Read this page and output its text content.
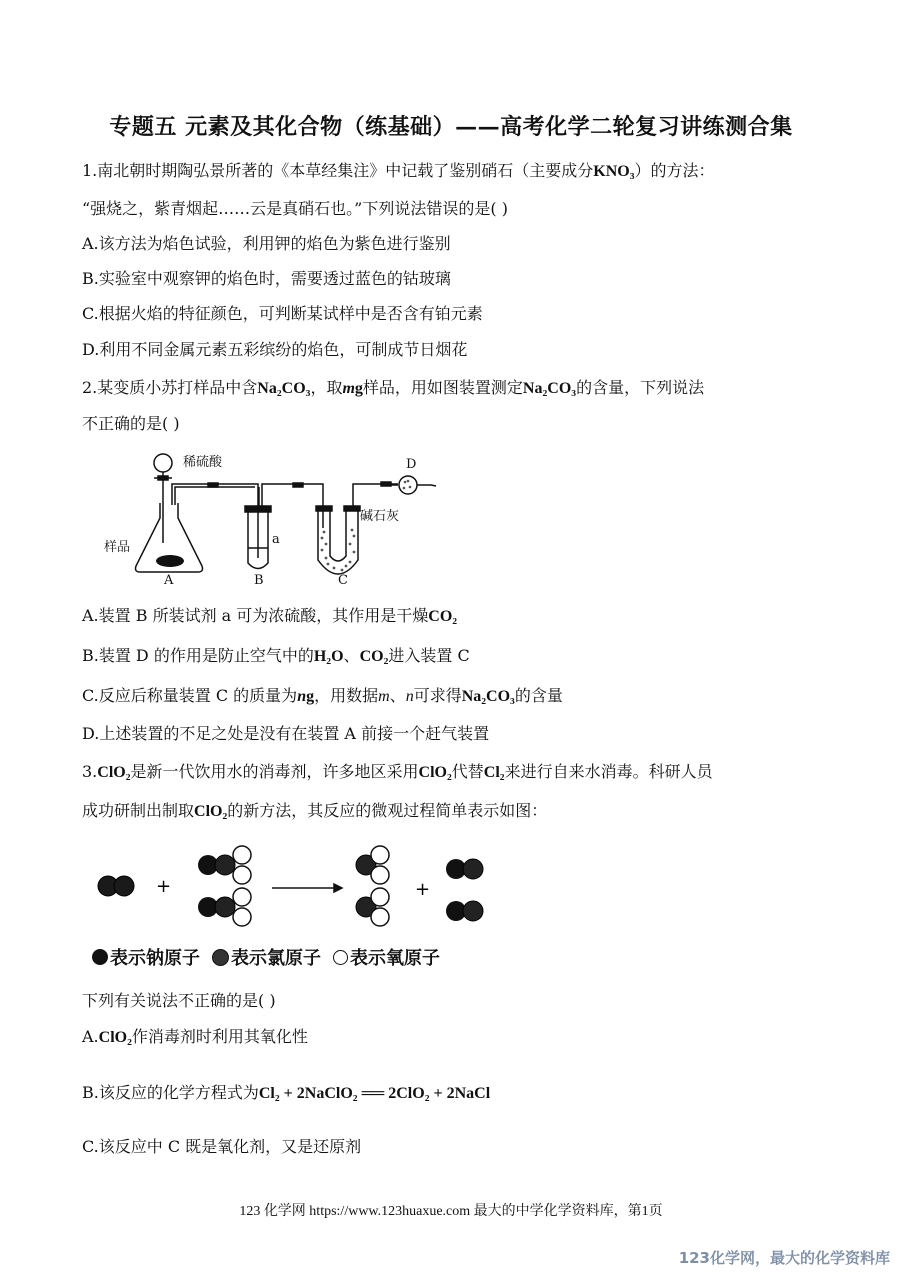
专题五 元素及其化合物（练基础）——高考化学二轮复习讲练测合集
1.南北朝时期陶弘景所著的《本草经集注》中记载了鉴别硝石（主要成分KNO₃）的方法：
“强烧之，紫青烟起……云是真硝石也。”下列说法错误的是( )
A.该方法为焰色试验，利用钾的焰色为紫色进行鉴别
B.实验室中观察钾的焰色时，需要透过蓝色的钴玻璃
C.根据火焰的特征颜色，可判断某试样中是否含有铂元素
D.利用不同金属元素五彩缤纷的焰色，可制成节日烟花
2.某变质小苏打样品中含Na₂CO₃，取mg样品，用如图装置测定Na₂CO₃的含量，下列说法
不正确的是( )
稀硫酸
样品
a
碱石灰
A	B	C
D
A.装置 B 所装试剂 a 可为浓硫酸，其作用是干燥CO₂
B.装置 D 的作用是防止空气中的H₂O、CO₂进入装置 C
C.反应后称量装置 C 的质量为ng，用数据m、n可求得Na₂CO₃的含量
D.上述装置的不足之处是没有在装置 A 前接一个赶气装置
3.ClO₂是新一代饮用水的消毒剂，许多地区采用ClO₂代替Cl₂来进行自来水消毒。科研人员
成功研制出制取ClO₂的新方法，其反应的微观过程简单表示如图：
+	+
表示钠原子 表示氯原子 表示氧原子
下列有关说法不正确的是( )
A.ClO₂作消毒剂时利用其氧化性
B.该反应的化学方程式为Cl₂ + 2NaClO₂ ══ 2ClO₂ + 2NaCl
C.该反应中 C 既是氧化剂，又是还原剂
123 化学网 https://www.123huaxue.com 最大的中学化学资料库，第1页
123化学网，最大的化学资料库
